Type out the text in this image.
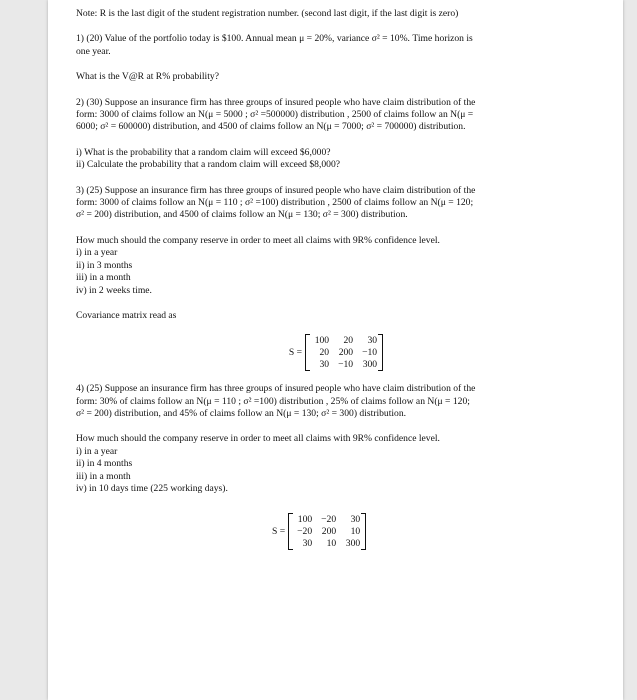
Note: R is the last digit of the student registration number. (second last digit, if the last digit is zero)

1) (20) Value of the portfolio today is $100. Annual mean μ = 20%, variance σ² = 10%. Time horizon is

one year.

What is the V@R at R% probability?

2) (30) Suppose an insurance firm has three groups of insured people who have claim distribution of the

form: 3000 of claims follow an N(μ = 5000 ; σ² =500000) distribution , 2500 of claims follow an N(μ =

6000; σ² = 600000) distribution, and 4500 of claims follow an N(μ = 7000; σ² = 700000) distribution.

i) What is the probability that a random claim will exceed $6,000?

ii) Calculate the probability that a random claim will exceed $8,000?

3) (25) Suppose an insurance firm has three groups of insured people who have claim distribution of the

form: 3000 of claims follow an N(μ = 110 ; σ² =100) distribution , 2500 of claims follow an N(μ = 120;

σ² = 200) distribution, and 4500 of claims follow an N(μ = 130; σ² = 300) distribution.

How much should the company reserve in order to meet all claims with 9R% confidence level.

i) in a year

ii) in 3 months

iii) in a month

iv) in 2 weeks time.

Covariance matrix read as

S =
100	20	30
20	200	−10
30	−10	300

4) (25) Suppose an insurance firm has three groups of insured people who have claim distribution of the

form: 30% of claims follow an N(μ = 110 ; σ² =100) distribution , 25% of claims follow an N(μ = 120;

σ² = 200) distribution, and 45% of claims follow an N(μ = 130; σ² = 300) distribution.

How much should the company reserve in order to meet all claims with 9R% confidence level.

i) in a year

ii) in 4 months

iii) in a month

iv) in 10 days time (225 working days).

S =
100	−20	30
−20	200	10
30	10	300
